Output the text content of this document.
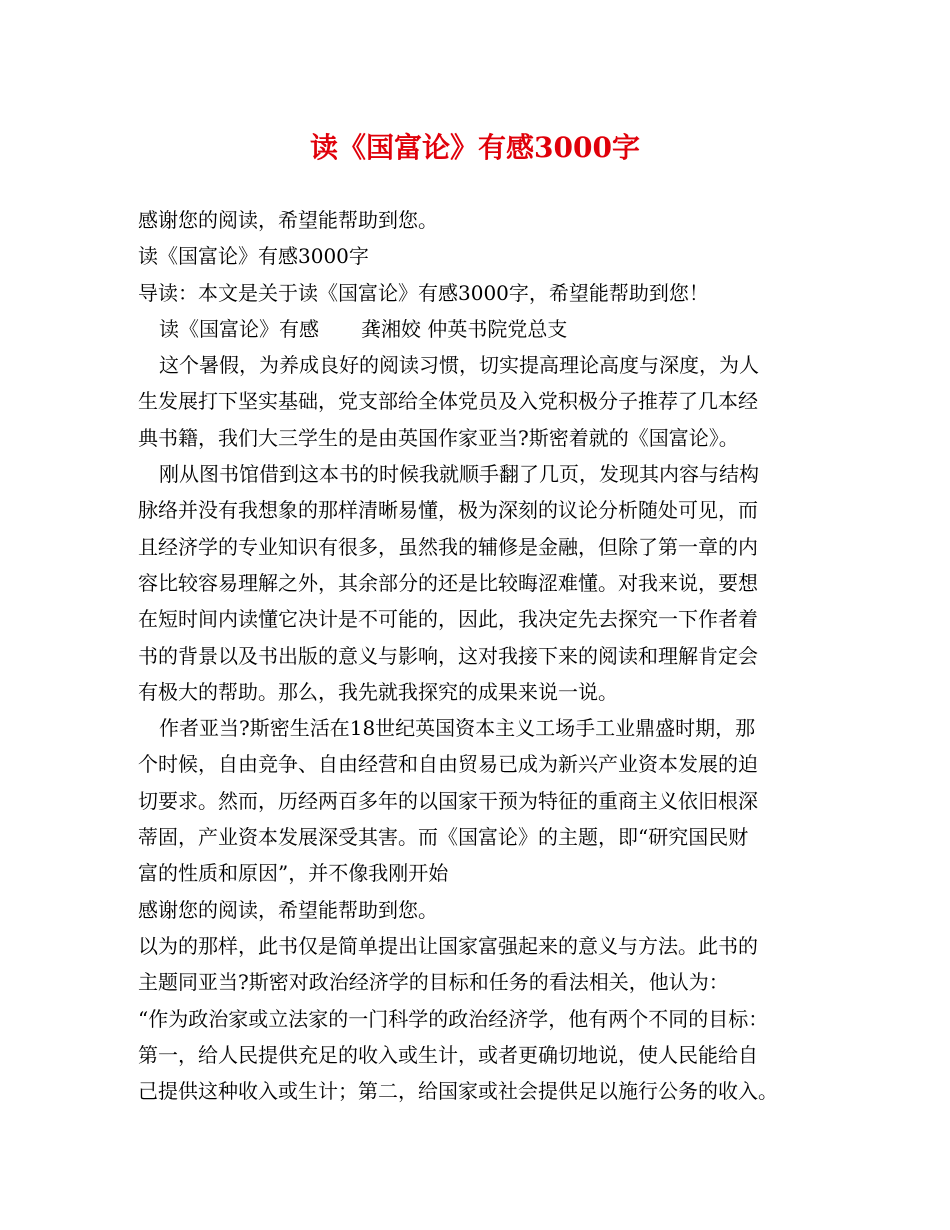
读《国富论》有感3000字
感谢您的阅读，希望能帮助到您。
读《国富论》有感3000字
导读：本文是关于读《国富论》有感3000字，希望能帮助到您！
读《国富论》有感 龚湘姣 仲英书院党总支
这个暑假，为养成良好的阅读习惯，切实提高理论高度与深度，为人
生发展打下坚实基础，党支部给全体党员及入党积极分子推荐了几本经
典书籍，我们大三学生的是由英国作家亚当?斯密着就的《国富论》。
刚从图书馆借到这本书的时候我就顺手翻了几页，发现其内容与结构
脉络并没有我想象的那样清晰易懂，极为深刻的议论分析随处可见，而
且经济学的专业知识有很多，虽然我的辅修是金融，但除了第一章的内
容比较容易理解之外，其余部分的还是比较晦涩难懂。对我来说，要想
在短时间内读懂它决计是不可能的，因此，我决定先去探究一下作者着
书的背景以及书出版的意义与影响，这对我接下来的阅读和理解肯定会
有极大的帮助。那么，我先就我探究的成果来说一说。
作者亚当?斯密生活在18世纪英国资本主义工场手工业鼎盛时期，那
个时候，自由竞争、自由经营和自由贸易已成为新兴产业资本发展的迫
切要求。然而，历经两百多年的以国家干预为特征的重商主义依旧根深
蒂固，产业资本发展深受其害。而《国富论》的主题，即“研究国民财
富的性质和原因”，并不像我刚开始
感谢您的阅读，希望能帮助到您。
以为的那样，此书仅是简单提出让国家富强起来的意义与方法。此书的
主题同亚当?斯密对政治经济学的目标和任务的看法相关，他认为：
“作为政治家或立法家的一门科学的政治经济学，他有两个不同的目标：
第一，给人民提供充足的收入或生计，或者更确切地说，使人民能给自
己提供这种收入或生计；第二，给国家或社会提供足以施行公务的收入。
